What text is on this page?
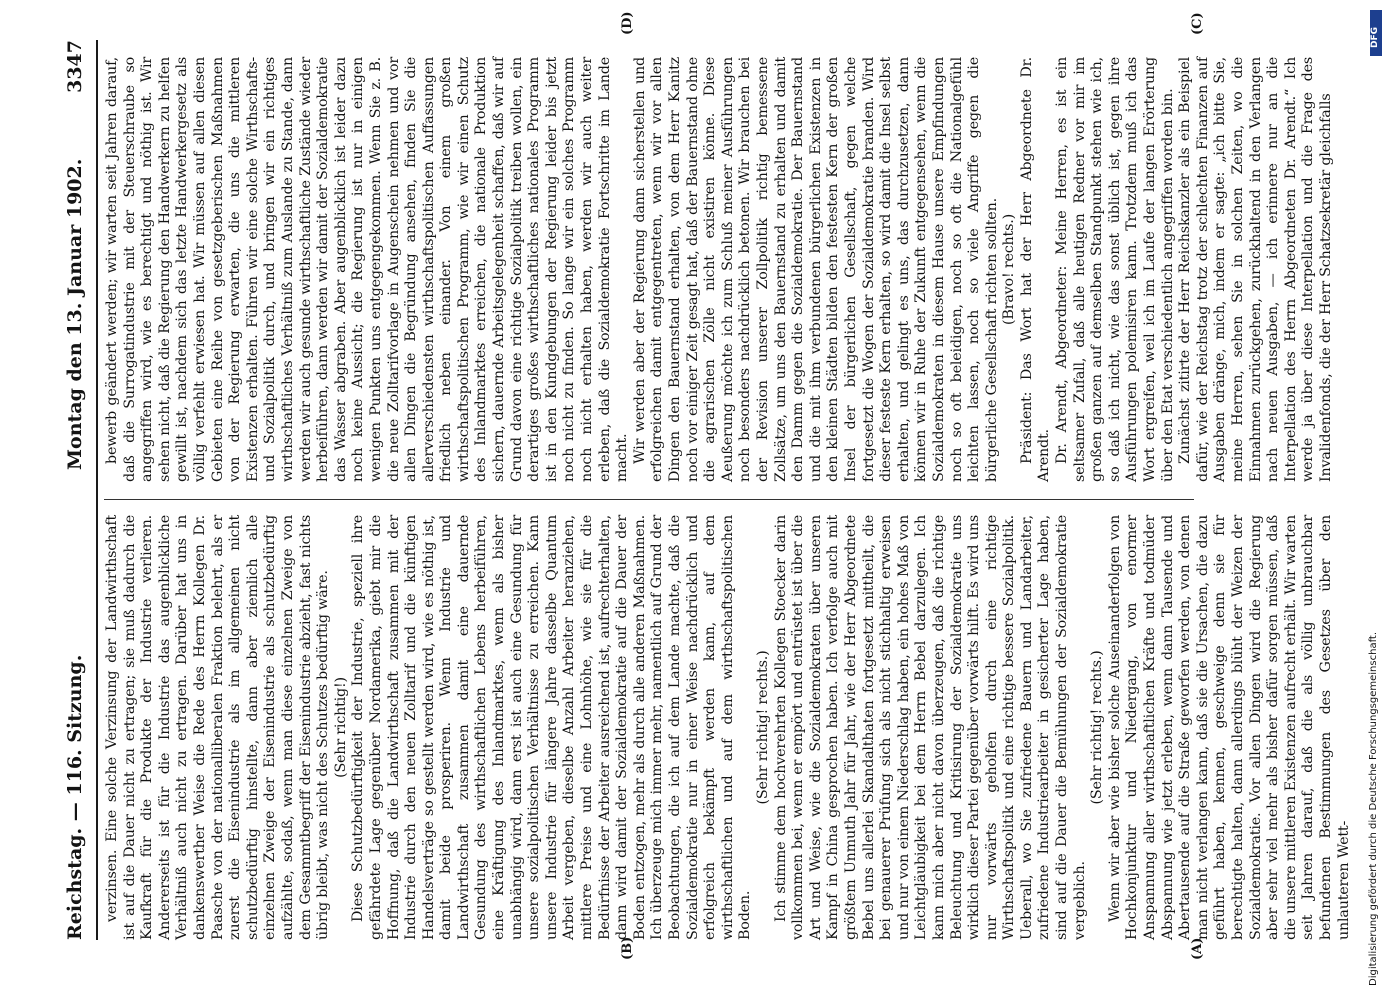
Reichstag. — 116. Sitzung.
Montag den 13. Januar 1902.
3347

verzinsen. Eine solche Verzinsung der Landwirthschaft ist auf die Dauer nicht zu ertragen; sie muß dadurch die Kaufkraft für die Produkte der Industrie verlieren. Andererseits ist für die Industrie das augenblickliche Verhältniß auch nicht zu ertragen. Darüber hat uns in dankenswerther Weise die Rede des Herrn Kollegen Dr. Paasche von der nationalliberalen Fraktion belehrt, als er zuerst die Eisenindustrie als im allgemeinen nicht schutzbedürftig hinstellte, dann aber ziemlich alle einzelnen Zweige der Eisenindustrie als schutzbedürftig aufzählte, sodaß, wenn man diese einzelnen Zweige von dem Gesammtbegriff der Eisenindustrie abzieht, fast nichts übrig bleibt, was nicht des Schutzes bedürftig wäre. (Sehr richtig!) Diese Schutzbedürftigkeit der Industrie, speziell ihre gefährdete Lage gegenüber Nordamerika, giebt mir die Hoffnung, daß die Landwirthschaft zusammen mit der Industrie durch den neuen Zolltarif und die künftigen Handelsverträge so gestellt werden wird, wie es nöthig ist, damit beide prosperiren. Wenn Industrie und Landwirthschaft zusammen damit eine dauernde Gesundung des wirthschaftlichen Lebens herbeiführen, eine Kräftigung des Inlandmarktes, wenn als bisher unabhängig wird, dann erst ist auch eine Gesundung für unsere sozialpolitischen Verhältnisse zu erreichen. Kann unsere Industrie für längere Jahre dasselbe Quantum Arbeit vergeben, dieselbe Anzahl Arbeiter heranziehen, mittlere Preise und eine Lohnhöhe, wie sie für die Bedürfnisse der Arbeiter ausreichend ist, aufrechterhalten, dann wird damit der Sozialdemokratie auf die Dauer der Boden entzogen, mehr als durch alle anderen Maßnahmen. Ich überzeuge mich immer mehr, namentlich auf Grund der Beobachtungen, die ich auf dem Lande machte, daß die Sozialdemokratie nur in einer Weise nachdrücklich und erfolgreich bekämpft werden kann, auf dem wirthschaftlichen und auf dem wirthschaftspolitischen Boden.

(Sehr richtig! rechts.) Ich stimme dem hochverehrten Kollegen Stoecker darin vollkommen bei, wenn er empört und entrüstet ist über die Art und Weise, wie die Sozialdemokraten über unseren Kampf in China gesprochen haben. Ich verfolge auch mit größtem Unmuth Jahr für Jahr, wie der Herr Abgeordnete Bebel uns allerlei Skandalthaten fortgesetzt mittheilt, die bei genauerer Prüfung sich als nicht stichhaltig erweisen und nur von einem Niederschlag haben, ein hohes Maß von Leichtgläubigkeit bei dem Herrn Bebel darzulegen. Ich kann mich aber nicht davon überzeugen, daß die richtige Beleuchtung und Kritisirung der Sozialdemokratie uns wirklich dieser Partei gegenüber vorwärts hilft. Es wird uns nur vorwärts geholfen durch eine richtige Wirthschaftspolitik und eine richtige bessere Sozialpolitik. Ueberall, wo Sie zufriedene Bauern und Landarbeiter, zufriedene Industriearbeiter in gesicherter Lage haben, sind auf die Dauer die Bemühungen der Sozialdemokratie vergeblich.

(Sehr richtig! rechts.) Wenn wir aber wie bisher solche Auseinanderfolgen von Hochkonjunktur und Niedergang, von enormer Anspannung aller wirthschaftlichen Kräfte und todmüder Abspannung wie jetzt erleben, wenn dann Tausende und Abertausende auf die Straße geworfen werden, von denen man nicht verlangen kann, daß sie die Ursachen, die dazu geführt haben, kennen, geschweige denn sie für berechtigte halten, dann allerdings blüht der Weizen der Sozialdemokratie. Vor allen Dingen wird die Regierung aber sehr viel mehr als bisher dafür sorgen müssen, daß die unsere mittleren Existenzen aufrecht erhält. Wir warten seit Jahren darauf, daß die als völlig unbrauchbar befundenen Bestimmungen des Gesetzes über den unlauteren Wett-

bewerb geändert werden; wir warten seit Jahren darauf, daß die Surrogatindustrie mit der Steuerschraube so angegriffen wird, wie es berechtigt und nöthig ist. Wir sehen nicht, daß die Regierung den Handwerkern zu helfen gewillt ist, nachdem sich das letzte Handwerkergesetz als völlig verfehlt erwiesen hat. Wir müssen auf allen diesen Gebieten eine Reihe von gesetzgeberischen Maßnahmen von der Regierung erwarten, die uns die mittleren Existenzen erhalten. Führen wir eine solche Wirthschafts- und Sozialpolitik durch, und bringen wir ein richtiges wirthschaftliches Verhältniß zum Auslande zu Stande, dann werden wir auch gesunde wirthschaftliche Zustände wieder herbeiführen, dann werden wir damit der Sozialdemokratie das Wasser abgraben. Aber augenblicklich ist leider dazu noch keine Aussicht; die Regierung ist nur in einigen wenigen Punkten uns entgegengekommen. Wenn Sie z. B. die neue Zolltarifvorlage in Augenschein nehmen und vor allen Dingen die Begründung ansehen, finden Sie die allerverschiedensten wirthschaftspolitischen Auffassungen friedlich neben einander. Von einem großen wirthschaftspolitischen Programm, wie wir einen Schutz des Inlandmarktes erreichen, die nationale Produktion sichern, dauernde Arbeitsgelegenheit schaffen, daß wir auf Grund davon eine richtige Sozialpolitik treiben wollen, ein derartiges großes wirthschaftliches nationales Programm ist in den Kundgebungen der Regierung leider bis jetzt noch nicht zu finden. So lange wir ein solches Programm noch nicht erhalten haben, werden wir auch weiter erleben, daß die Sozialdemokratie Fortschritte im Lande macht. Wir werden aber der Regierung dann sicherstellen und erfolgreichen damit entgegentreten, wenn wir vor allen Dingen den Bauernstand erhalten, von dem Herr Kanitz noch vor einiger Zeit gesagt hat, daß der Bauernstand ohne die agrarischen Zölle nicht existiren könne. Diese Aeußerung möchte ich zum Schluß meiner Ausführungen noch besonders nachdrücklich betonen. Wir brauchen bei der Revision unserer Zollpolitik richtig bemessene Zollsätze, um uns den Bauernstand zu erhalten und damit den Damm gegen die Sozialdemokratie. Der Bauernstand und die mit ihm verbundenen bürgerlichen Existenzen in den kleinen Städten bilden den festesten Kern der großen Insel der bürgerlichen Gesellschaft, gegen welche fortgesetzt die Wogen der Sozialdemokratie branden. Wird dieser festeste Kern erhalten, so wird damit die Insel selbst erhalten, und gelingt es uns, das durchzusetzen, dann können wir in Ruhe der Zukunft entgegensehen, wenn die Sozialdemokraten in diesem Hause unsere Empfindungen noch so oft beleidigen, noch so oft die Nationalgefühl leichten lassen, noch so viele Angriffe gegen die bürgerliche Gesellschaft richten sollten. (Bravo! rechts.) Präsident: Das Wort hat der Herr Abgeordnete Dr. Arendt. Dr. Arendt, Abgeordneter: Meine Herren, es ist ein seltsamer Zufall, daß alle heutigen Redner vor mir im großen ganzen auf demselben Standpunkt stehen wie ich, so daß ich nicht, wie das sonst üblich ist, gegen ihre Ausführungen polemisiren kann. Trotzdem muß ich das Wort ergreifen, weil ich im Laufe der langen Erörterung über den Etat verschiedentlich angegriffen worden bin. Zunächst zitirte der Herr Reichskanzler als ein Beispiel dafür, wie der Reichstag trotz der schlechten Finanzen auf Ausgaben dränge, mich, indem er sagte: „ich bitte Sie, meine Herren, sehen Sie in solchen Zeiten, wo die Einnahmen zurückgehen, zurückhaltend in den Verlangen nach neuen Ausgaben, — ich erinnere nur an die Interpellation des Herrn Abgeordneten Dr. Arendt.“ Ich werde ja über diese Interpellation und die Frage des Invalidenfonds, die der Herr Schatzsekretär gleichfalls

(A)
(B)
(C)
(D)
Digitalisierung gefördert durch die Deutsche Forschungsgemeinschaft.
DFG
